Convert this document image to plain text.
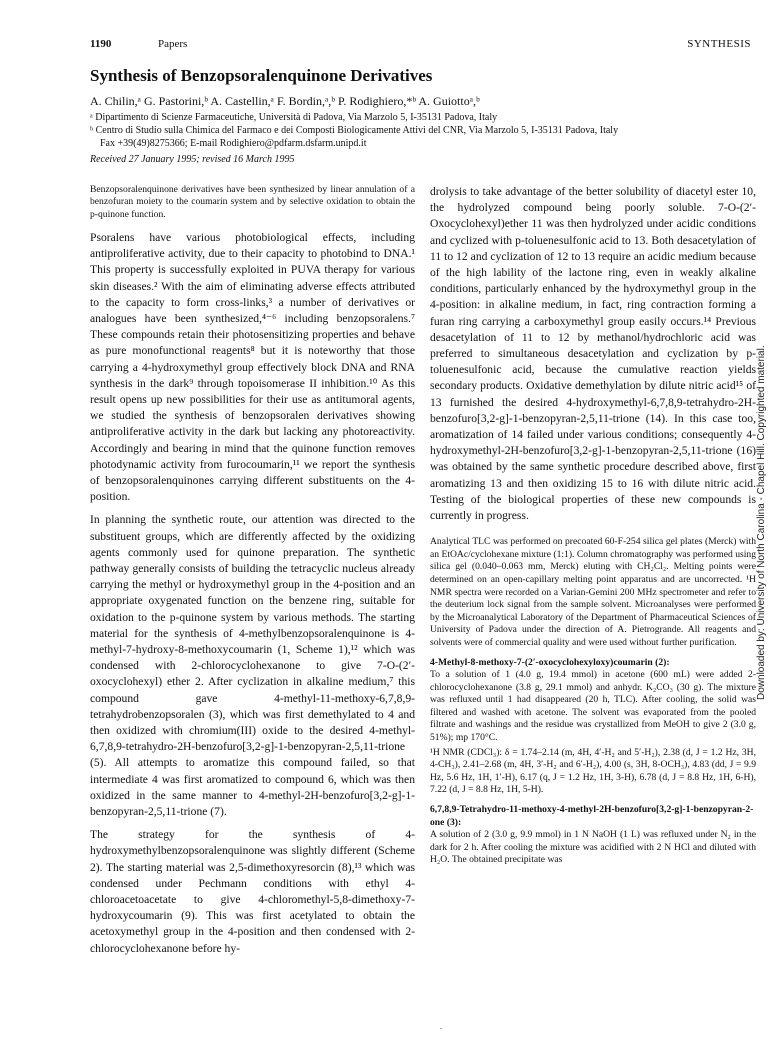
1190	Papers	SYNTHESIS
Synthesis of Benzopsoralenquinone Derivatives
A. Chilin,ᵃ G. Pastorini,ᵇ A. Castellin,ᵃ F. Bordin,ᵃ,ᵇ P. Rodighiero,*ᵇ A. Guiottoᵃ,ᵇ
ᵃ Dipartimento di Scienze Farmaceutiche, Università di Padova, Via Marzolo 5, I-35131 Padova, Italy
ᵇ Centro di Studio sulla Chimica del Farmaco e dei Composti Biologicamente Attivi del CNR, Via Marzolo 5, I-35131 Padova, Italy
Fax +39(49)8275366; E-mail Rodighiero@pdfarm.dsfarm.unipd.it
Received 27 January 1995; revised 16 March 1995

Benzopsoralenquinone derivatives have been synthesized by linear annulation of a benzofuran moiety to the coumarin system and by selective oxidation to obtain the p-quinone function.

Psoralens have various photobiological effects, including antiproliferative activity, due to their capacity to photobind to DNA.¹ This property is successfully exploited in PUVA therapy for various skin diseases.² With the aim of eliminating adverse effects attributed to the capacity to form cross-links,³ a number of derivatives or analogues have been synthesized,⁴⁻⁶ including benzopsoralens.⁷ These compounds retain their photosensitizing properties and behave as pure monofunctional reagents⁸ but it is noteworthy that those carrying a 4-hydroxymethyl group effectively block DNA and RNA synthesis in the dark⁹ through topoisomerase II inhibition.¹⁰ As this result opens up new possibilities for their use as antitumoral agents, we studied the synthesis of benzopsoralen derivatives showing antiproliferative activity in the dark but lacking any photoreactivity. Accordingly and bearing in mind that the quinone function removes photodynamic activity from furocoumarin,¹¹ we report the synthesis of benzopsoralenquinones carrying different substituents on the 4-position.

In planning the synthetic route, our attention was directed to the substituent groups, which are differently affected by the oxidizing agents commonly used for quinone preparation. The synthetic pathway generally consists of building the tetracyclic nucleus already carrying the methyl or hydroxymethyl group in the 4-position and an appropriate oxygenated function on the benzene ring, suitable for oxidation to the p-quinone system by various methods. The starting material for the synthesis of 4-methylbenzopsoralenquinone is 4-methyl-7-hydroxy-8-methoxycoumarin (1, Scheme 1),¹² which was condensed with 2-chlorocyclohexanone to give 7-O-(2′-oxocyclohexyl) ether 2. After cyclization in alkaline medium,⁷ this compound gave 4-methyl-11-methoxy-6,7,8,9-tetrahydrobenzopsoralen (3), which was first demethylated to 4 and then oxidized with chromium(III) oxide to the desired 4-methyl-6,7,8,9-tetrahydro-2H-benzofuro[3,2-g]-1-benzopyran-2,5,11-trione (5). All attempts to aromatize this compound failed, so that intermediate 4 was first aromatized to compound 6, which was then oxidized in the same manner to 4-methyl-2H-benzofuro[3,2-g]-1-benzopyran-2,5,11-trione (7).

The strategy for the synthesis of 4-hydroxymethylbenzopsoralenquinone was slightly different (Scheme 2). The starting material was 2,5-dimethoxyresorcin (8),¹³ which was condensed under Pechmann conditions with ethyl 4-chloroacetoacetate to give 4-chloromethyl-5,8-dimethoxy-7-hydroxycoumarin (9). This was first acetylated to obtain the acetoxymethyl group in the 4-position and then condensed with 2-chlorocyclohexanone before hy-

drolysis to take advantage of the better solubility of diacetyl ester 10, the hydrolyzed compound being poorly soluble. 7-O-(2′-Oxocyclohexyl)ether 11 was then hydrolyzed under acidic conditions and cyclized with p-toluenesulfonic acid to 13. Both desacetylation of 11 to 12 and cyclization of 12 to 13 require an acidic medium because of the high lability of the lactone ring, even in weakly alkaline conditions, particularly enhanced by the hydroxymethyl group in the 4-position: in alkaline medium, in fact, ring contraction forming a furan ring carrying a carboxymethyl group easily occurs.¹⁴ Previous desacetylation of 11 to 12 by methanol/hydrochloric acid was preferred to simultaneous desacetylation and cyclization by p-toluenesulfonic acid, because the cumulative reaction yields secondary products. Oxidative demethylation by dilute nitric acid¹⁵ of 13 furnished the desired 4-hydroxymethyl-6,7,8,9-tetrahydro-2H-benzofuro[3,2-g]-1-benzopyran-2,5,11-trione (14). In this case too, aromatization of 14 failed under various conditions; consequently 4-hydroxymethyl-2H-benzofuro[3,2-g]-1-benzopyran-2,5,11-trione (16) was obtained by the same synthetic procedure described above, first aromatizing 13 and then oxidizing 15 to 16 with dilute nitric acid. Testing of the biological properties of these new compounds is currently in progress.

Analytical TLC was performed on precoated 60-F-254 silica gel plates (Merck) with an EtOAc/cyclohexane mixture (1:1). Column chromatography was performed using silica gel (0.040–0.063 mm, Merck) eluting with CH₂Cl₂. Melting points were determined on an open-capillary melting point apparatus and are uncorrected. ¹H NMR spectra were recorded on a Varian-Gemini 200 MHz spectrometer and refer to the deuterium lock signal from the sample solvent. Microanalyses were performed by the Microanalytical Laboratory of the Department of Pharmaceutical Sciences of University of Padova under the direction of A. Pietrogrande. All reagents and solvents were of commercial quality and were used without further purification.

4-Methyl-8-methoxy-7-(2′-oxocyclohexyloxy)coumarin (2):
To a solution of 1 (4.0 g, 19.4 mmol) in acetone (600 mL) were added 2-chlorocyclohexanone (3.8 g, 29.1 mmol) and anhydr. K₂CO₃ (30 g). The mixture was refluxed until 1 had disappeared (20 h, TLC). After cooling, the solid was filtered and washed with acetone. The solvent was evaporated from the pooled filtrate and washings and the residue was crystallized from MeOH to give 2 (3.0 g, 51%); mp 170°C.
¹H NMR (CDCl₃): δ = 1.74–2.14 (m, 4H, 4′-H₂ and 5′-H₂), 2.38 (d, J = 1.2 Hz, 3H, 4-CH₃), 2.41–2.68 (m, 4H, 3′-H₂ and 6′-H₂), 4.00 (s, 3H, 8-OCH₃), 4.83 (dd, J = 9.9 Hz, 5.6 Hz, 1H, 1′-H), 6.17 (q, J = 1.2 Hz, 1H, 3-H), 6.78 (d, J = 8.8 Hz, 1H, 6-H), 7.22 (d, J = 8.8 Hz, 1H, 5-H).
6,7,8,9-Tetrahydro-11-methoxy-4-methyl-2H-benzofuro[3,2-g]-1-benzopyran-2-one (3):
A solution of 2 (3.0 g, 9.9 mmol) in 1 N NaOH (1 L) was refluxed under N₂ in the dark for 2 h. After cooling the mixture was acidified with 2 N HCl and diluted with H₂O. The obtained precipitate was
Downloaded by: University of North Carolina - Chapel Hill. Copyrighted material.
.
